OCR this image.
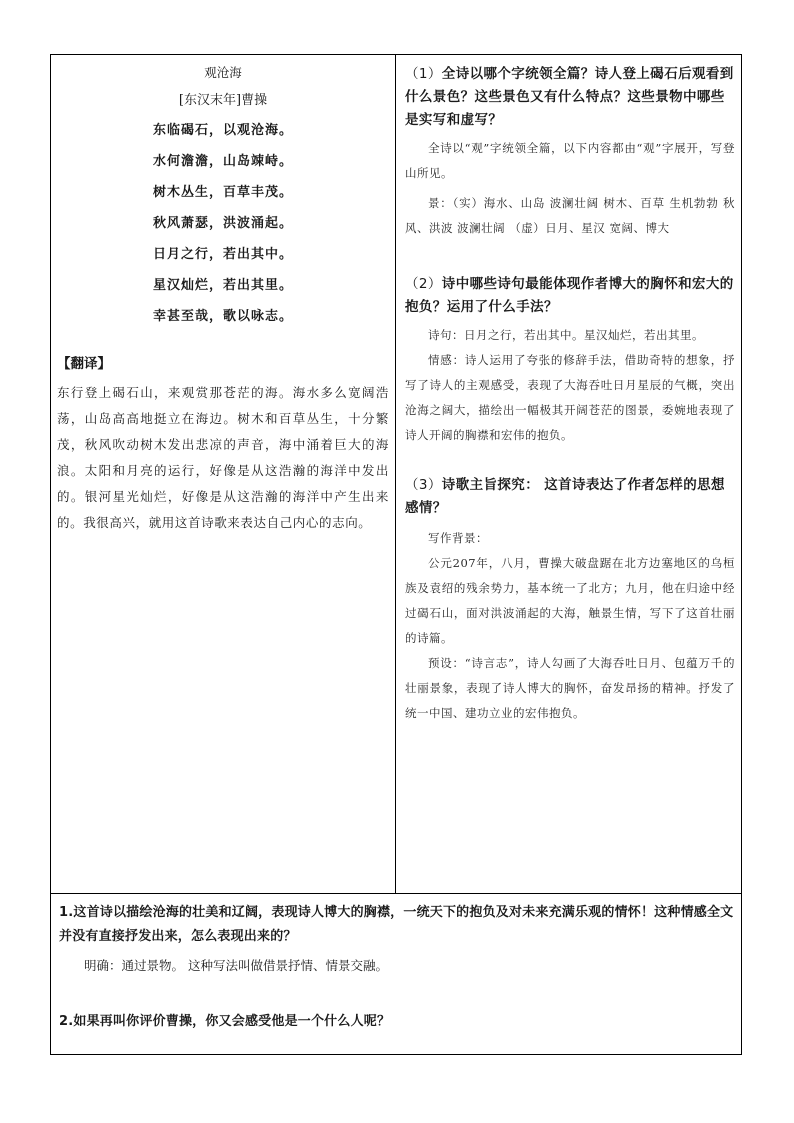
观沧海
[东汉末年]曹操
东临碣石，以观沧海。
水何澹澹，山岛竦峙。
树木丛生，百草丰茂。
秋风萧瑟，洪波涌起。
日月之行，若出其中。
星汉灿烂，若出其里。
幸甚至哉，歌以咏志。
【翻译】
东行登上碣石山，来观赏那苍茫的海。海水多么宽阔浩荡，山岛高高地挺立在海边。树木和百草丛生，十分繁茂，秋风吹动树木发出悲凉的声音，海中涌着巨大的海浪。太阳和月亮的运行，好像是从这浩瀚的海洋中发出的。银河星光灿烂，好像是从这浩瀚的海洋中产生出来的。我很高兴，就用这首诗歌来表达自己内心的志向。
（1）全诗以哪个字统领全篇？诗人登上碣石后观看到什么景色？这些景色又有什么特点？这些景物中哪些是实写和虚写？
全诗以“观”字统领全篇，以下内容都由“观”字展开，写登山所见。
景：（实）海水、山岛 波澜壮阔 树木、百草 生机勃勃 秋风、洪波 波澜壮阔 （虚）日月、星汉 宽阔、博大
（2）诗中哪些诗句最能体现作者博大的胸怀和宏大的抱负？运用了什么手法？
诗句：日月之行，若出其中。星汉灿烂，若出其里。
情感：诗人运用了夸张的修辞手法，借助奇特的想象，抒写了诗人的主观感受，表现了大海吞吐日月星辰的气概，突出沧海之阔大，描绘出一幅极其开阔苍茫的图景，委婉地表现了诗人开阔的胸襟和宏伟的抱负。
（3）诗歌主旨探究： 这首诗表达了作者怎样的思想感情？
写作背景：
公元207年，八月，曹操大破盘踞在北方边塞地区的乌桓族及袁绍的残余势力，基本统一了北方；九月，他在归途中经过碣石山，面对洪波涌起的大海，触景生情，写下了这首壮丽的诗篇。
预设：“诗言志”，诗人勾画了大海吞吐日月、包蕴万千的壮丽景象，表现了诗人博大的胸怀，奋发昂扬的精神。抒发了统一中国、建功立业的宏伟抱负。
1.这首诗以描绘沧海的壮美和辽阔，表现诗人博大的胸襟，一统天下的抱负及对未来充满乐观的情怀！这种情感全文并没有直接抒发出来，怎么表现出来的？
明确：通过景物。 这种写法叫做借景抒情、情景交融。
2.如果再叫你评价曹操，你又会感受他是一个什么人呢？
